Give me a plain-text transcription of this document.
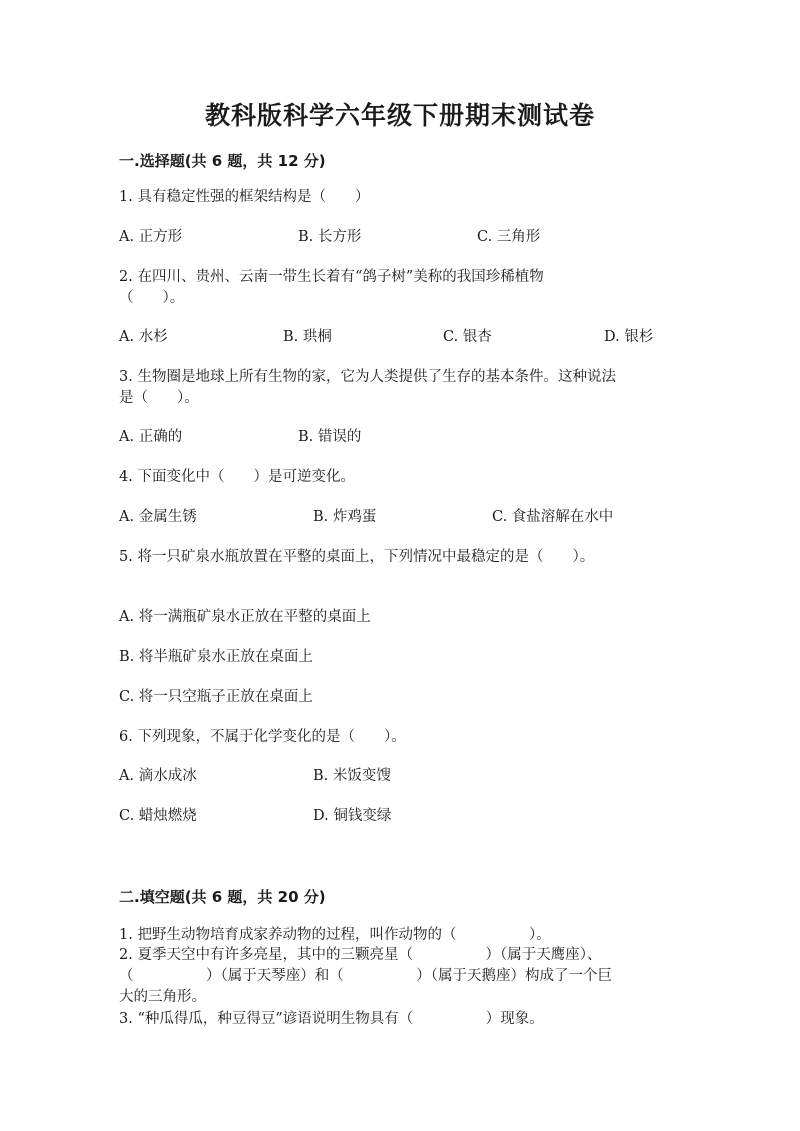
教科版科学六年级下册期末测试卷
一.选择题(共 6 题，共 12 分)
1. 具有稳定性强的框架结构是（　　）
A. 正方形	B. 长方形	C. 三角形
2. 在四川、贵州、云南一带生长着有“鸽子树”美称的我国珍稀植物
（　　）。
A. 水杉	B. 珙桐	C. 银杏	D. 银杉
3. 生物圈是地球上所有生物的家，它为人类提供了生存的基本条件。这种说法
是（　　）。
A. 正确的	B. 错误的
4. 下面变化中（　　）是可逆变化。
A. 金属生锈	B. 炸鸡蛋	C. 食盐溶解在水中
5. 将一只矿泉水瓶放置在平整的桌面上，下列情况中最稳定的是（　　）。
A. 将一满瓶矿泉水正放在平整的桌面上
B. 将半瓶矿泉水正放在桌面上
C. 将一只空瓶子正放在桌面上
6. 下列现象，不属于化学变化的是（　　）。
A. 滴水成冰	B. 米饭变馊
C. 蜡烛燃烧	D. 铜钱变绿
二.填空题(共 6 题，共 20 分)
1. 把野生动物培育成家养动物的过程，叫作动物的（　　　　　）。
2. 夏季天空中有许多亮星，其中的三颗亮星（　　　　　）（属于天鹰座）、
（　　　　　）（属于天琴座）和（　　　　　）（属于天鹅座）构成了一个巨
大的三角形。
3. “种瓜得瓜，种豆得豆”谚语说明生物具有（　　　　　）现象。
